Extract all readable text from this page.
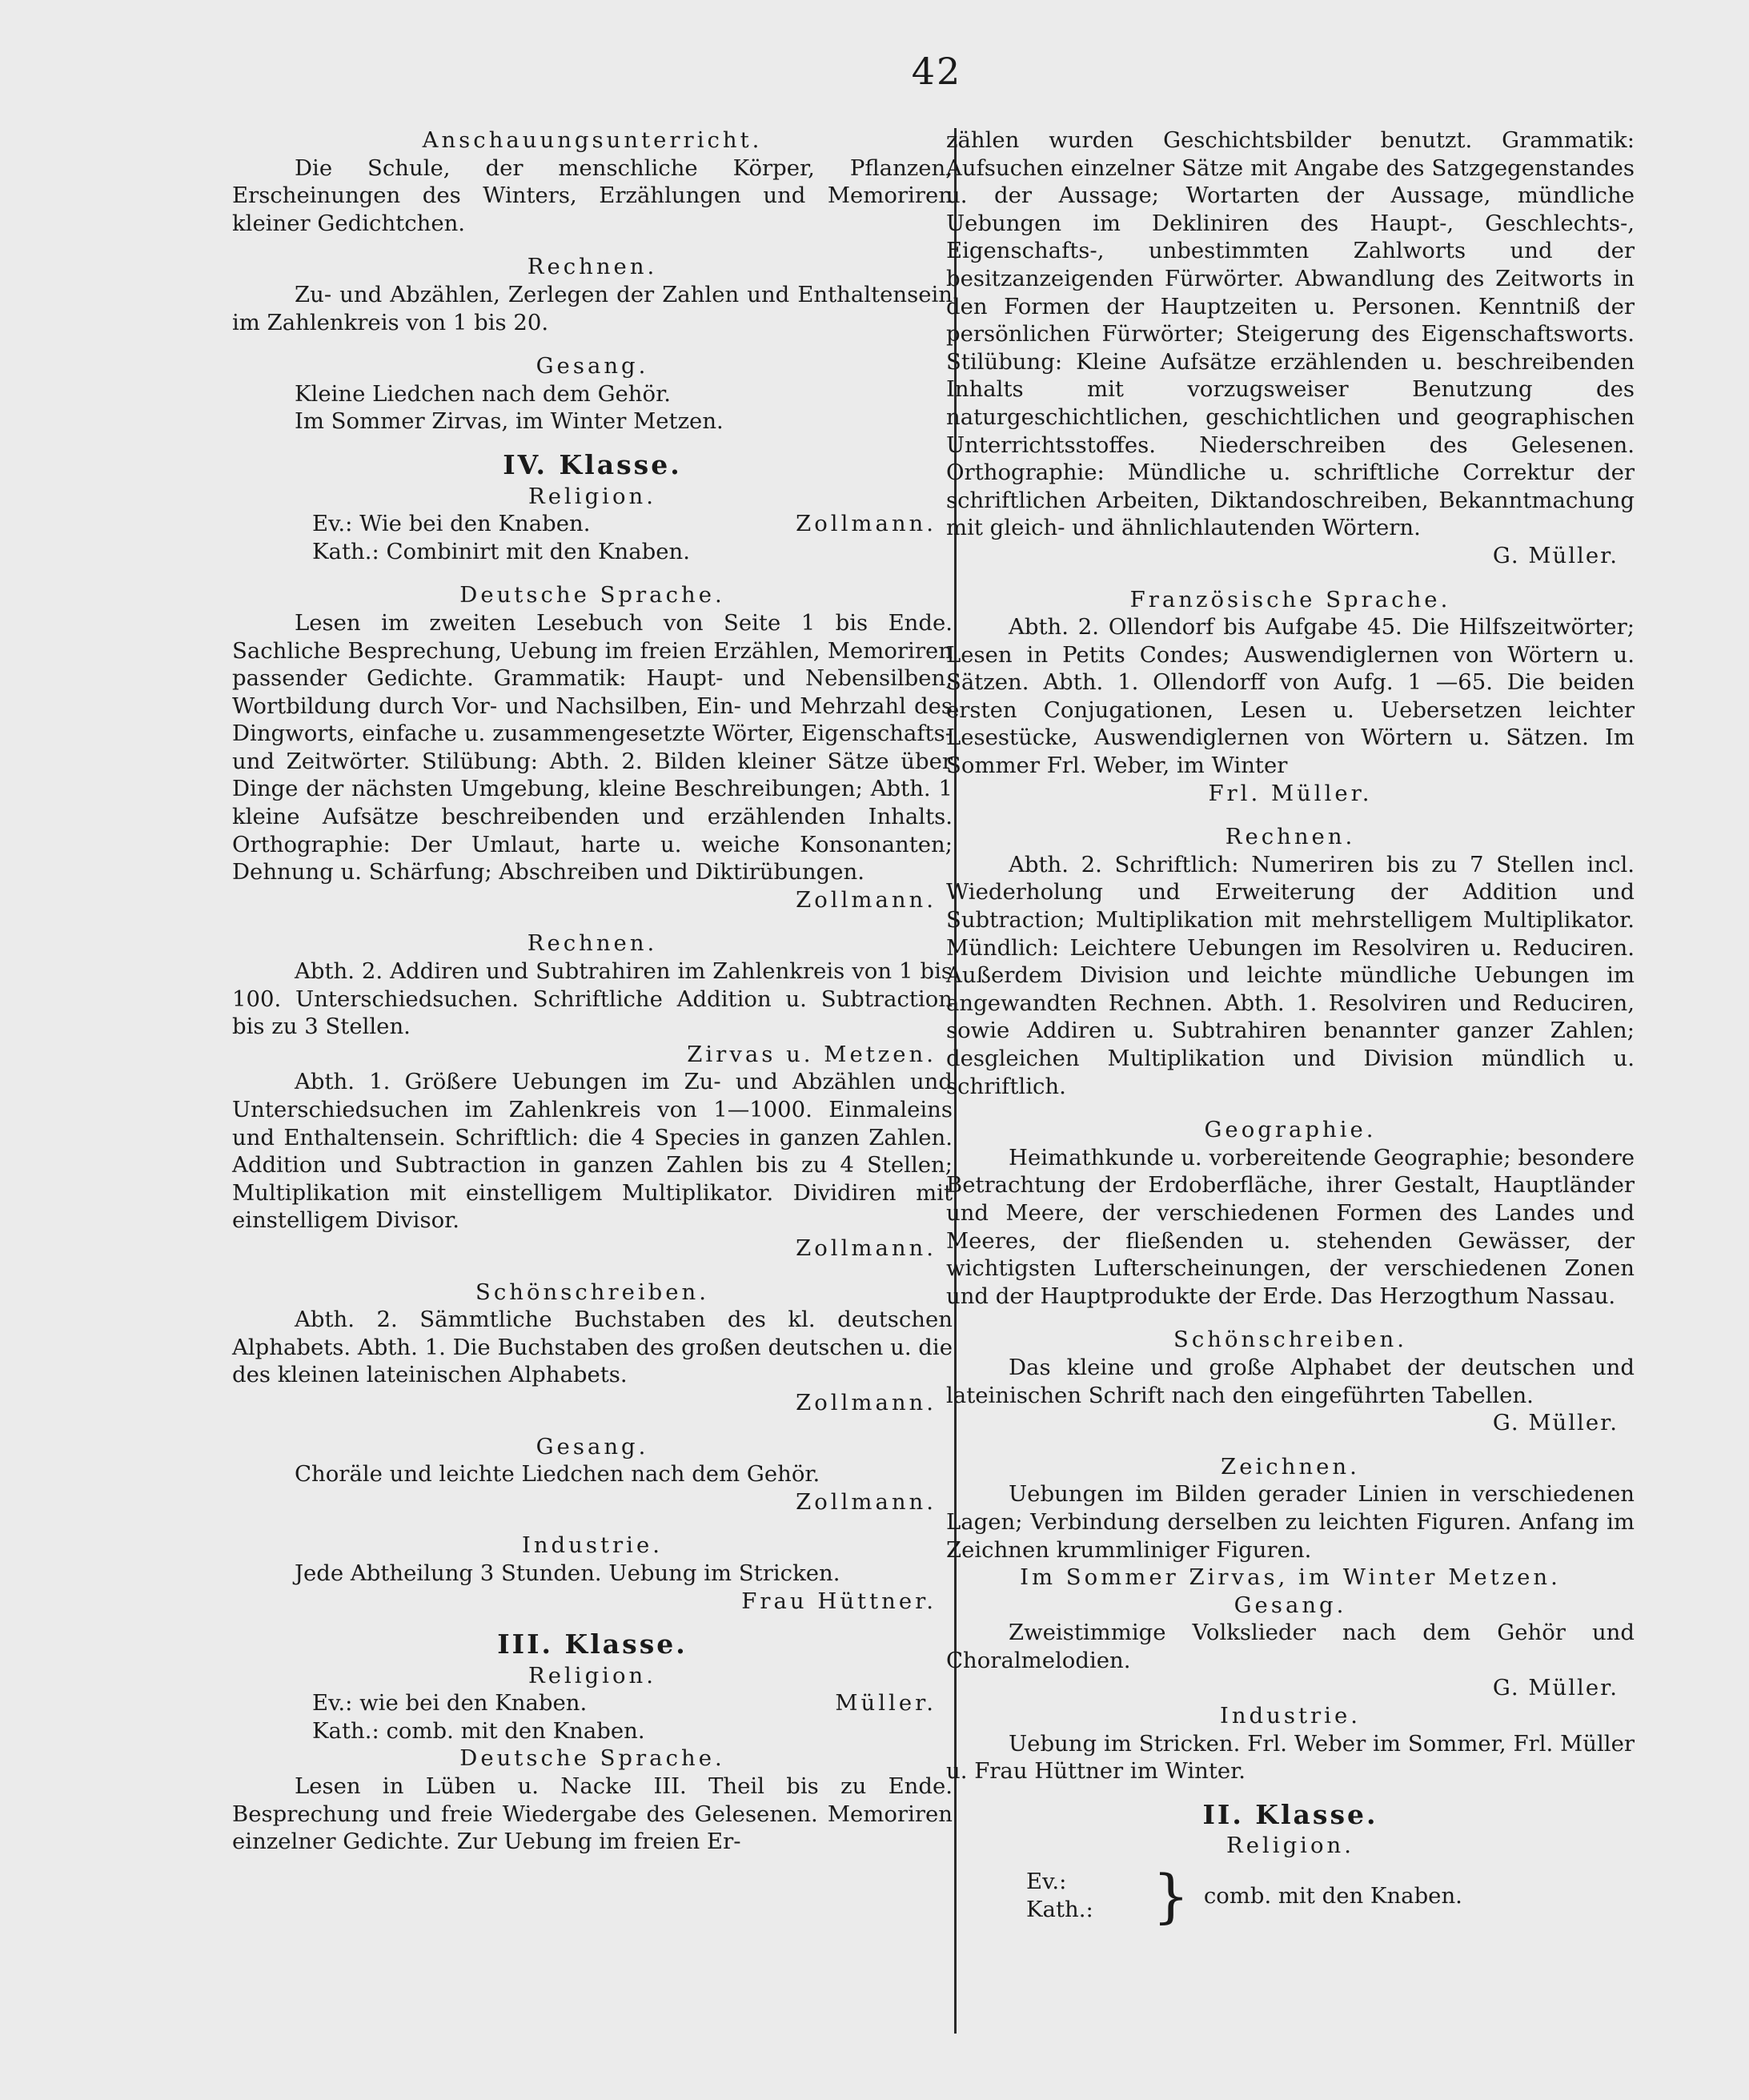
42
Anschauungsunterricht.
Die Schule, der menschliche Körper, Pflanzen, Erscheinungen des Winters, Erzählungen und Memoriren kleiner Gedichtchen.
Rechnen.
Zu- und Abzählen, Zerlegen der Zahlen und Enthaltensein im Zahlenkreis von 1 bis 20.
Gesang.
Kleine Liedchen nach dem Gehör.
Im Sommer Zirvas, im Winter Metzen.
IV. Klasse.
Religion.
Ev.: Wie bei den Knaben.	Zollmann.
Kath.: Combinirt mit den Knaben.
Deutsche Sprache.
Lesen im zweiten Lesebuch von Seite 1 bis Ende. Sachliche Besprechung, Uebung im freien Erzählen, Memoriren passender Gedichte. Grammatik: Haupt- und Nebensilben, Wortbildung durch Vor- und Nachsilben, Ein- und Mehrzahl des Dingworts, einfache u. zusammengesetzte Wörter, Eigenschafts- und Zeitwörter. Stilübung: Abth. 2. Bilden kleiner Sätze über Dinge der nächsten Umgebung, kleine Beschreibungen; Abth. 1 kleine Aufsätze beschreibenden und erzählenden Inhalts. Orthographie: Der Umlaut, harte u. weiche Konsonanten; Dehnung u. Schärfung; Abschreiben und Diktirübungen.
Zollmann.
Rechnen.
Abth. 2. Addiren und Subtrahiren im Zahlenkreis von 1 bis 100. Unterschiedsuchen. Schriftliche Addition u. Subtraction bis zu 3 Stellen.
Zirvas u. Metzen.
Abth. 1. Größere Uebungen im Zu- und Abzählen und Unterschiedsuchen im Zahlenkreis von 1—1000. Einmaleins und Enthaltensein. Schriftlich: die 4 Species in ganzen Zahlen. Addition und Subtraction in ganzen Zahlen bis zu 4 Stellen; Multiplikation mit einstelligem Multiplikator. Dividiren mit einstelligem Divisor.
Zollmann.
Schönschreiben.
Abth. 2. Sämmtliche Buchstaben des kl. deutschen Alphabets. Abth. 1. Die Buchstaben des großen deutschen u. die des kleinen lateinischen Alphabets.
Zollmann.
Gesang.
Choräle und leichte Liedchen nach dem Gehör.
Zollmann.
Industrie.
Jede Abtheilung 3 Stunden. Uebung im Stricken.
Frau Hüttner.
III. Klasse.
Religion.
Ev.: wie bei den Knaben.	Müller.
Kath.: comb. mit den Knaben.
Deutsche Sprache.
Lesen in Lüben u. Nacke III. Theil bis zu Ende. Besprechung und freie Wiedergabe des Gelesenen. Memoriren einzelner Gedichte. Zur Uebung im freien Er-
zählen wurden Geschichtsbilder benutzt. Grammatik: Aufsuchen einzelner Sätze mit Angabe des Satzgegenstandes u. der Aussage; Wortarten der Aussage, mündliche Uebungen im Dekliniren des Haupt-, Geschlechts-, Eigenschafts-, unbestimmten Zahlworts und der besitzanzeigenden Fürwörter. Abwandlung des Zeitworts in den Formen der Hauptzeiten u. Personen. Kenntniß der persönlichen Fürwörter; Steigerung des Eigenschaftsworts. Stilübung: Kleine Aufsätze erzählenden u. beschreibenden Inhalts mit vorzugsweiser Benutzung des naturgeschichtlichen, geschichtlichen und geographischen Unterrichtsstoffes. Niederschreiben des Gelesenen. Orthographie: Mündliche u. schriftliche Correktur der schriftlichen Arbeiten, Diktandoschreiben, Bekanntmachung mit gleich- und ähnlichlautenden Wörtern.
G. Müller.
Französische Sprache.
Abth. 2. Ollendorf bis Aufgabe 45. Die Hilfszeitwörter; Lesen in Petits Condes; Auswendiglernen von Wörtern u. Sätzen. Abth. 1. Ollendorff von Aufg. 1 —65. Die beiden ersten Conjugationen, Lesen u. Uebersetzen leichter Lesestücke, Auswendiglernen von Wörtern u. Sätzen. Im Sommer Frl. Weber, im Winter
Frl. Müller.
Rechnen.
Abth. 2. Schriftlich: Numeriren bis zu 7 Stellen incl. Wiederholung und Erweiterung der Addition und Subtraction; Multiplikation mit mehrstelligem Multiplikator. Mündlich: Leichtere Uebungen im Resolviren u. Reduciren. Außerdem Division und leichte mündliche Uebungen im angewandten Rechnen. Abth. 1. Resolviren und Reduciren, sowie Addiren u. Subtrahiren benannter ganzer Zahlen; desgleichen Multiplikation und Division mündlich u. schriftlich.
Geographie.
Heimathkunde u. vorbereitende Geographie; besondere Betrachtung der Erdoberfläche, ihrer Gestalt, Hauptländer und Meere, der verschiedenen Formen des Landes und Meeres, der fließenden u. stehenden Gewässer, der wichtigsten Lufterscheinungen, der verschiedenen Zonen und der Hauptprodukte der Erde. Das Herzogthum Nassau.
Schönschreiben.
Das kleine und große Alphabet der deutschen und lateinischen Schrift nach den eingeführten Tabellen.
G. Müller.
Zeichnen.
Uebungen im Bilden gerader Linien in verschiedenen Lagen; Verbindung derselben zu leichten Figuren. Anfang im Zeichnen krummliniger Figuren.
Im Sommer Zirvas, im Winter Metzen.
Gesang.
Zweistimmige Volkslieder nach dem Gehör und Choralmelodien.
G. Müller.
Industrie.
Uebung im Stricken. Frl. Weber im Sommer, Frl. Müller u. Frau Hüttner im Winter.
II. Klasse.
Religion.
Ev.:
Kath.:	} comb. mit den Knaben.
